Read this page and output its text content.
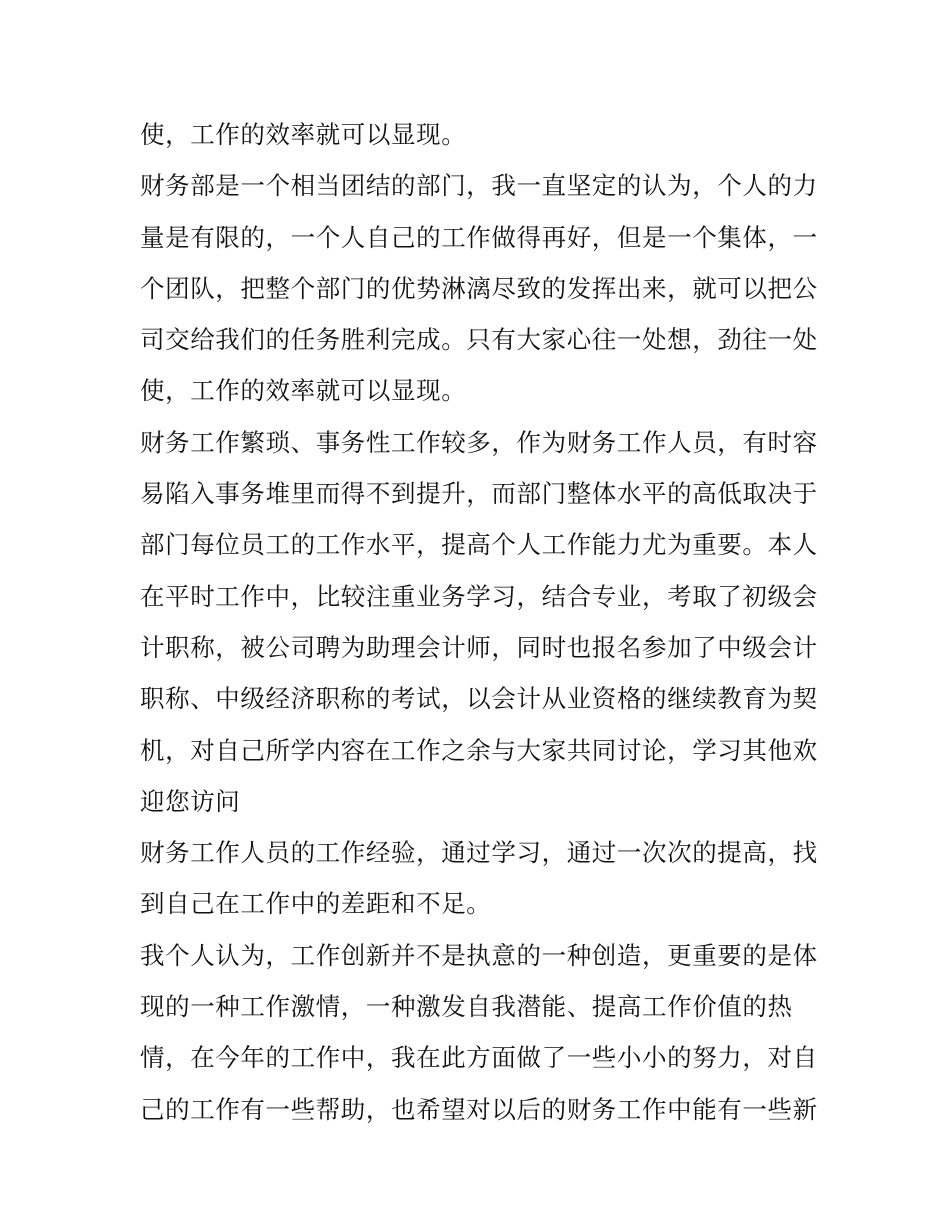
使，工作的效率就可以显现。
财务部是一个相当团结的部门，我一直坚定的认为，个人的力
量是有限的，一个人自己的工作做得再好，但是一个集体，一
个团队，把整个部门的优势淋漓尽致的发挥出来，就可以把公
司交给我们的任务胜利完成。只有大家心往一处想，劲往一处
使，工作的效率就可以显现。
财务工作繁琐、事务性工作较多，作为财务工作人员，有时容
易陷入事务堆里而得不到提升，而部门整体水平的高低取决于
部门每位员工的工作水平，提高个人工作能力尤为重要。本人
在平时工作中，比较注重业务学习，结合专业，考取了初级会
计职称，被公司聘为助理会计师，同时也报名参加了中级会计
职称、中级经济职称的考试，以会计从业资格的继续教育为契
机，对自己所学内容在工作之余与大家共同讨论，学习其他欢
迎您访问
财务工作人员的工作经验，通过学习，通过一次次的提高，找
到自己在工作中的差距和不足。
我个人认为，工作创新并不是执意的一种创造，更重要的是体
现的一种工作激情，一种激发自我潜能、提高工作价值的热
情，在今年的工作中，我在此方面做了一些小小的努力，对自
己的工作有一些帮助，也希望对以后的财务工作中能有一些新
